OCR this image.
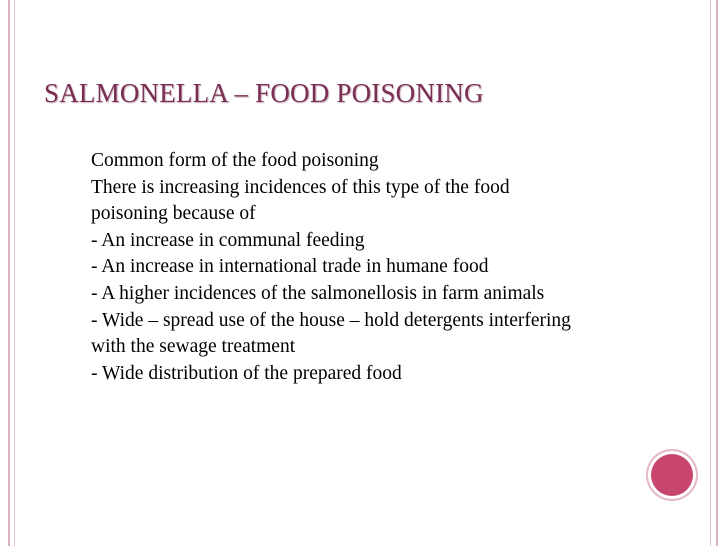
SALMONELLA – FOOD POISONING
Common form of the food poisoning
There is increasing incidences of this type of the food
poisoning because of
- An increase in communal feeding
- An increase in international trade in humane food
- A higher incidences of the salmonellosis in farm animals
- Wide – spread use of the house – hold detergents interfering
with the sewage treatment
- Wide distribution of the prepared food
